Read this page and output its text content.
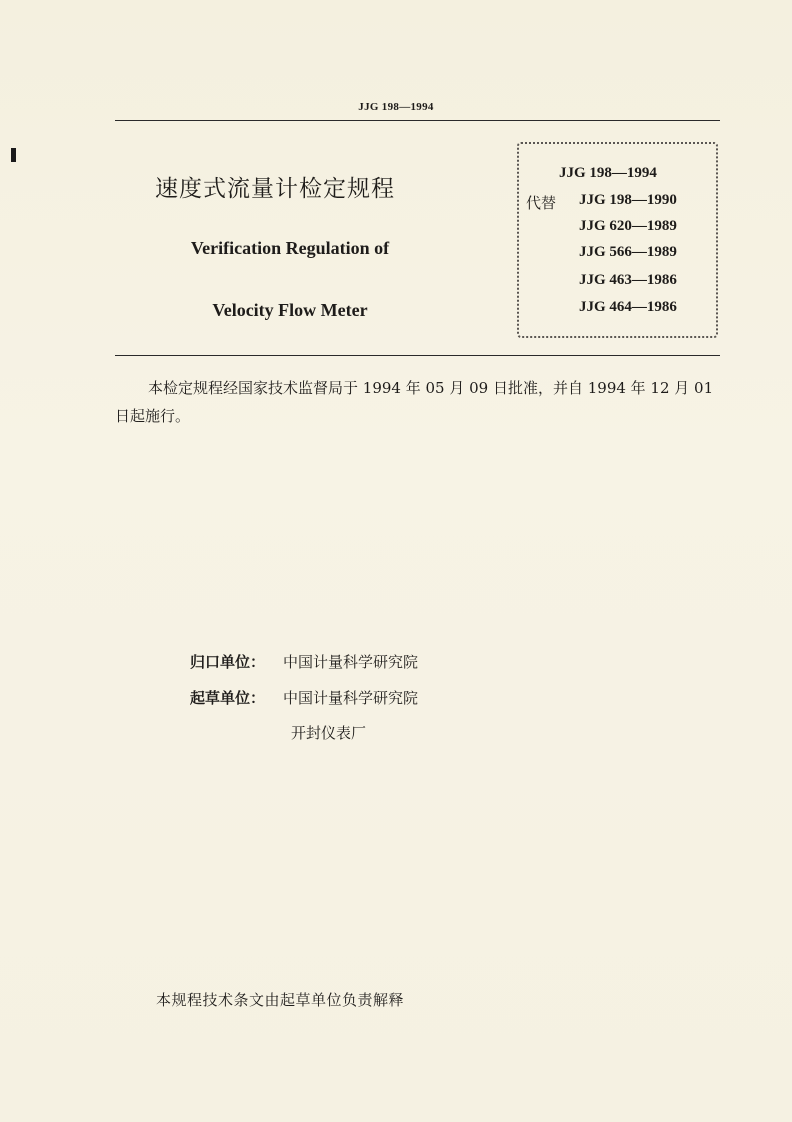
JJG 198—1994
速度式流量计检定规程
Verification Regulation of
Velocity Flow Meter
JJG 198—1994
代替 JJG 198—1990
JJG 620—1989
JJG 566—1989
JJG 463—1986
JJG 464—1986
本检定规程经国家技术监督局于 1994 年 05 月 09 日批准，并自 1994 年 12 月 01 日起施行。
归口单位： 中国计量科学研究院
起草单位： 中国计量科学研究院
开封仪表厂
本规程技术条文由起草单位负责解释
